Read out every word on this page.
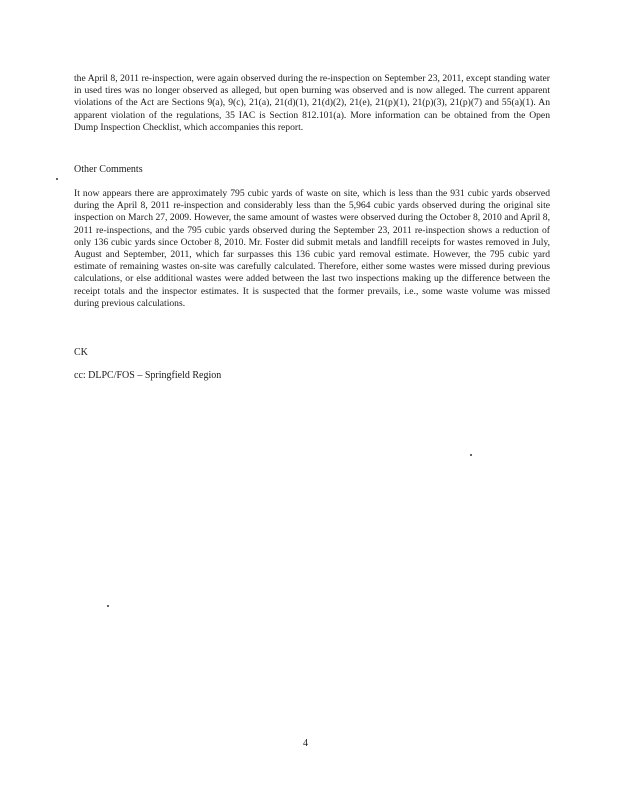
the April 8, 2011 re-inspection, were again observed during the re-inspection on September 23, 2011, except standing water in used tires was no longer observed as alleged, but open burning was observed and is now alleged. The current apparent violations of the Act are Sections 9(a), 9(c), 21(a), 21(d)(1), 21(d)(2), 21(e), 21(p)(1), 21(p)(3), 21(p)(7) and 55(a)(1). An apparent violation of the regulations, 35 IAC is Section 812.101(a). More information can be obtained from the Open Dump Inspection Checklist, which accompanies this report.

Other Comments

It now appears there are approximately 795 cubic yards of waste on site, which is less than the 931 cubic yards observed during the April 8, 2011 re-inspection and considerably less than the 5,964 cubic yards observed during the original site inspection on March 27, 2009. However, the same amount of wastes were observed during the October 8, 2010 and April 8, 2011 re-inspections, and the 795 cubic yards observed during the September 23, 2011 re-inspection shows a reduction of only 136 cubic yards since October 8, 2010. Mr. Foster did submit metals and landfill receipts for wastes removed in July, August and September, 2011, which far surpasses this 136 cubic yard removal estimate. However, the 795 cubic yard estimate of remaining wastes on-site was carefully calculated. Therefore, either some wastes were missed during previous calculations, or else additional wastes were added between the last two inspections making up the difference between the receipt totals and the inspector estimates. It is suspected that the former prevails, i.e., some waste volume was missed during previous calculations.

CK

cc: DLPC/FOS – Springfield Region

4
